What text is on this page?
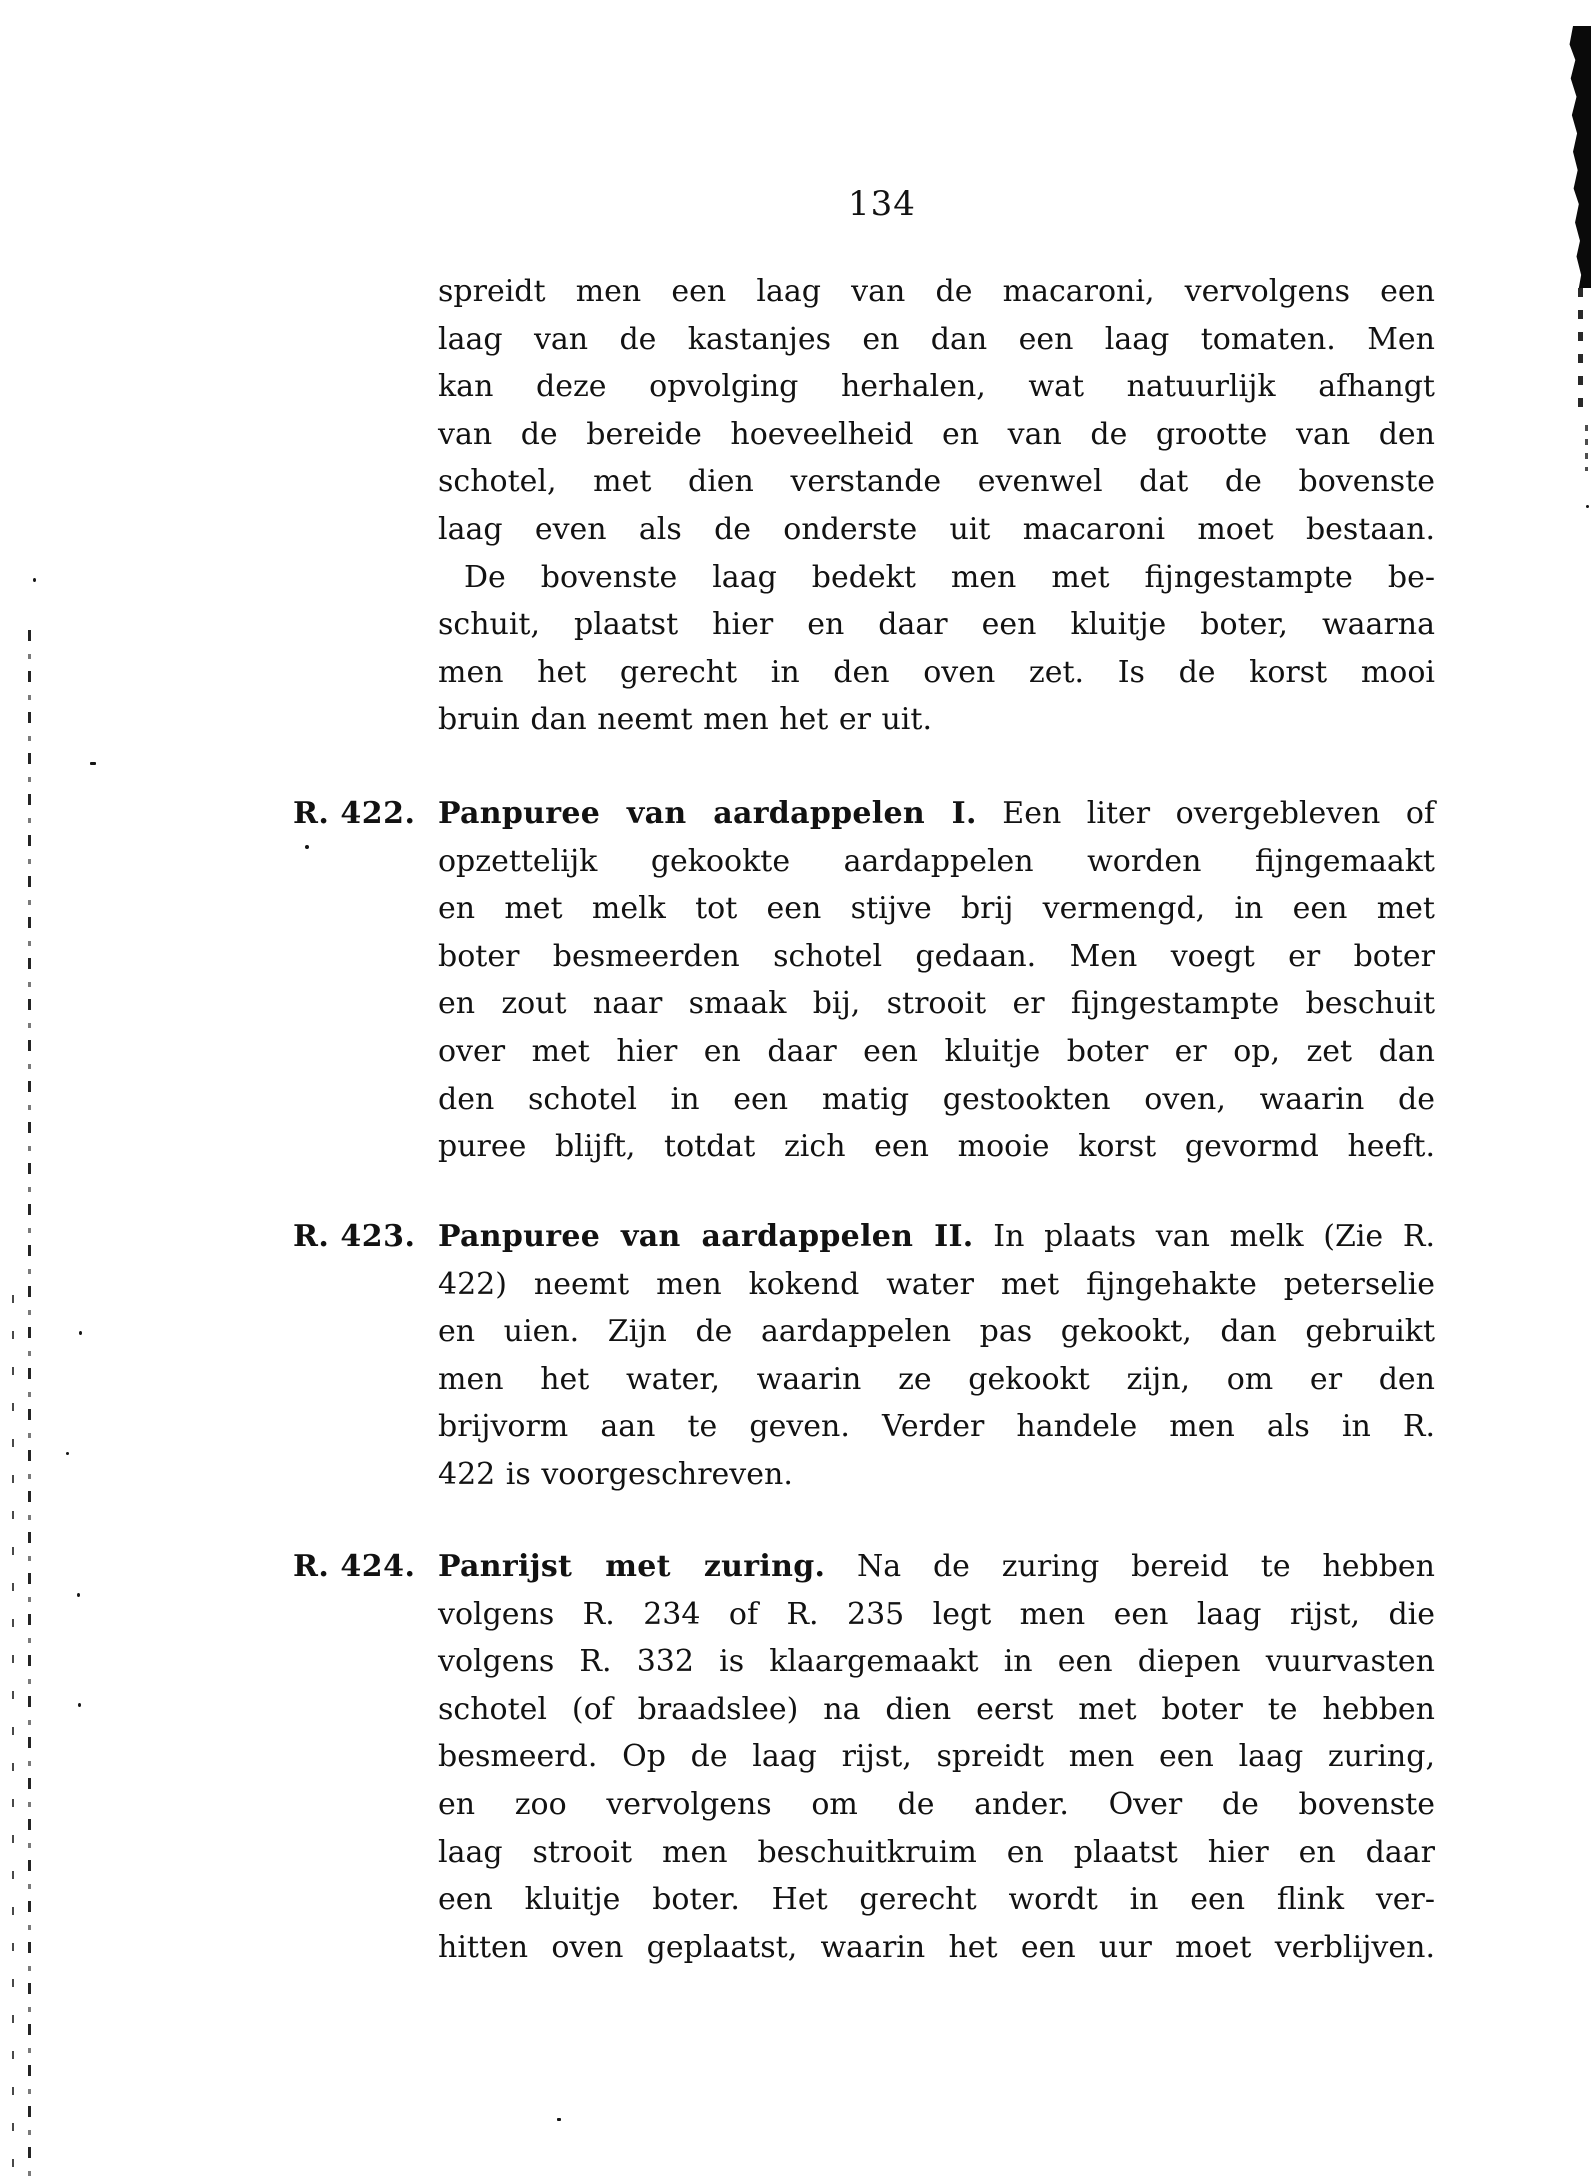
134
spreidt men een laag van de macaroni, vervolgens een
laag van de kastanjes en dan een laag tomaten. Men
kan deze opvolging herhalen, wat natuurlijk afhangt
van de bereide hoeveelheid en van de grootte van den
schotel, met dien verstande evenwel dat de bovenste
laag even als de onderste uit macaroni moet bestaan.
De bovenste laag bedekt men met fijngestampte be-
schuit, plaatst hier en daar een kluitje boter, waarna
men het gerecht in den oven zet. Is de korst mooi
bruin dan neemt men het er uit.
R. 422. Panpuree van aardappelen I. Een liter overgebleven of
opzettelijk gekookte aardappelen worden fijngemaakt
en met melk tot een stijve brij vermengd, in een met
boter besmeerden schotel gedaan. Men voegt er boter
en zout naar smaak bij, strooit er fijngestampte beschuit
over met hier en daar een kluitje boter er op, zet dan
den schotel in een matig gestookten oven, waarin de
puree blijft, totdat zich een mooie korst gevormd heeft.
R. 423. Panpuree van aardappelen II. In plaats van melk (Zie R.
422) neemt men kokend water met fijngehakte peterselie
en uien. Zijn de aardappelen pas gekookt, dan gebruikt
men het water, waarin ze gekookt zijn, om er den
brijvorm aan te geven. Verder handele men als in R.
422 is voorgeschreven.
R. 424. Panrijst met zuring. Na de zuring bereid te hebben
volgens R. 234 of R. 235 legt men een laag rijst, die
volgens R. 332 is klaargemaakt in een diepen vuurvasten
schotel (of braadslee) na dien eerst met boter te hebben
besmeerd. Op de laag rijst, spreidt men een laag zuring,
en zoo vervolgens om de ander. Over de bovenste
laag strooit men beschuitkruim en plaatst hier en daar
een kluitje boter. Het gerecht wordt in een flink ver-
hitten oven geplaatst, waarin het een uur moet verblijven.
